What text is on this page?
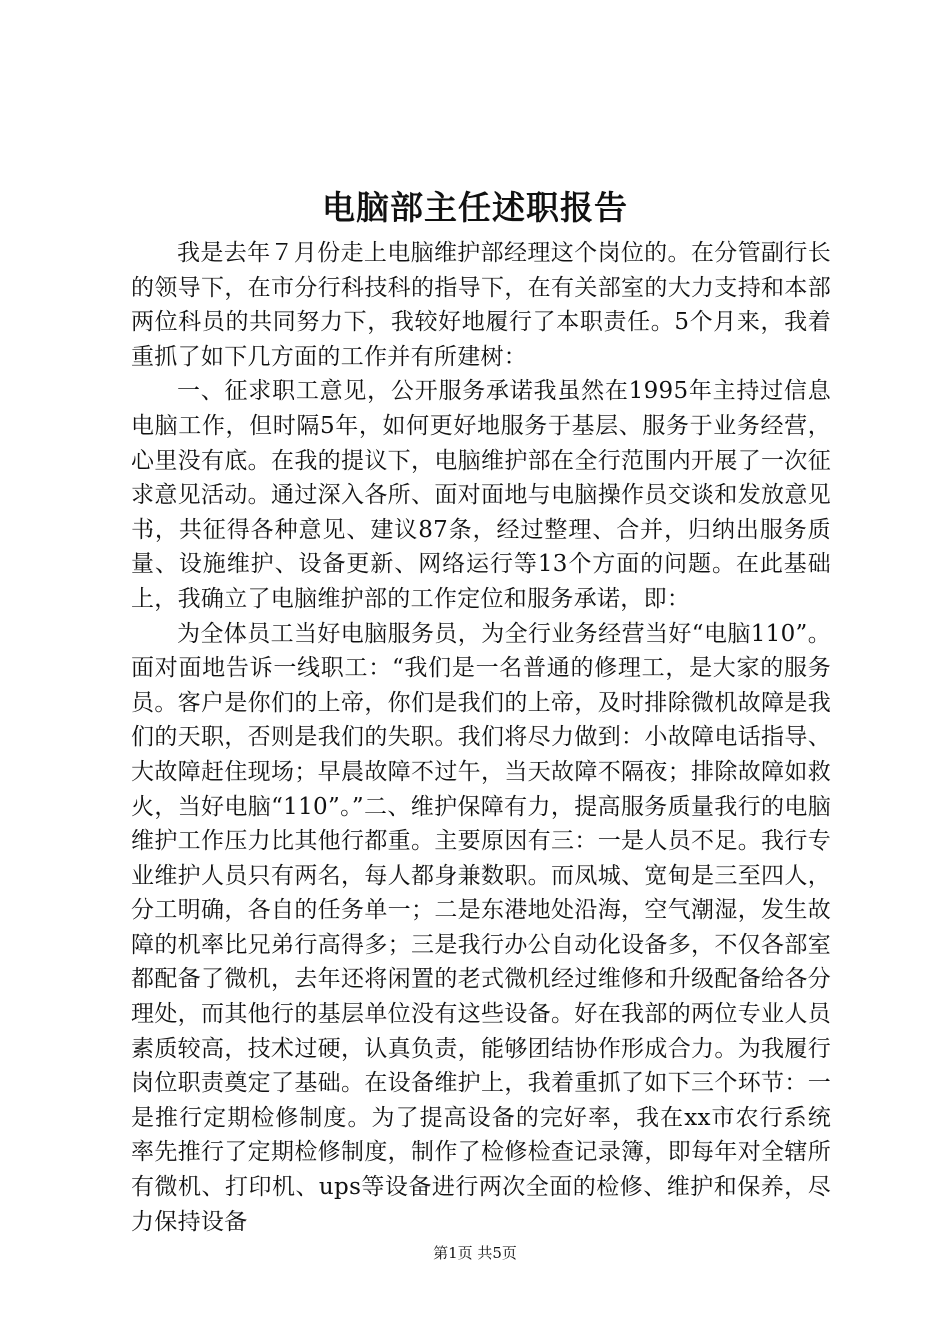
电脑部主任述职报告

我是去年７月份走上电脑维护部经理这个岗位的。在分管副行长的领导下，在市分行科技科的指导下，在有关部室的大力支持和本部两位科员的共同努力下，我较好地履行了本职责任。5个月来，我着重抓了如下几方面的工作并有所建树：

一、征求职工意见，公开服务承诺我虽然在1995年主持过信息电脑工作，但时隔5年，如何更好地服务于基层、服务于业务经营，心里没有底。在我的提议下，电脑维护部在全行范围内开展了一次征求意见活动。通过深入各所、面对面地与电脑操作员交谈和发放意见书，共征得各种意见、建议87条，经过整理、合并，归纳出服务质量、设施维护、设备更新、网络运行等13个方面的问题。在此基础上，我确立了电脑维护部的工作定位和服务承诺，即：

为全体员工当好电脑服务员，为全行业务经营当好“电脑110”。面对面地告诉一线职工：“我们是一名普通的修理工，是大家的服务员。客户是你们的上帝，你们是我们的上帝，及时排除微机故障是我们的天职，否则是我们的失职。我们将尽力做到：小故障电话指导、大故障赶住现场；早晨故障不过午，当天故障不隔夜；排除故障如救火，当好电脑“110”。”二、维护保障有力，提高服务质量我行的电脑维护工作压力比其他行都重。主要原因有三：一是人员不足。我行专业维护人员只有两名，每人都身兼数职。而凤城、宽甸是三至四人，分工明确，各自的任务单一；二是东港地处沿海，空气潮湿，发生故障的机率比兄弟行高得多；三是我行办公自动化设备多，不仅各部室都配备了微机，去年还将闲置的老式微机经过维修和升级配备给各分理处，而其他行的基层单位没有这些设备。好在我部的两位专业人员素质较高，技术过硬，认真负责，能够团结协作形成合力。为我履行岗位职责奠定了基础。在设备维护上，我着重抓了如下三个环节：一是推行定期检修制度。为了提高设备的完好率，我在xx市农行系统率先推行了定期检修制度，制作了检修检查记录簿，即每年对全辖所有微机、打印机、ups等设备进行两次全面的检修、维护和保养，尽力保持设备

第1页 共5页
